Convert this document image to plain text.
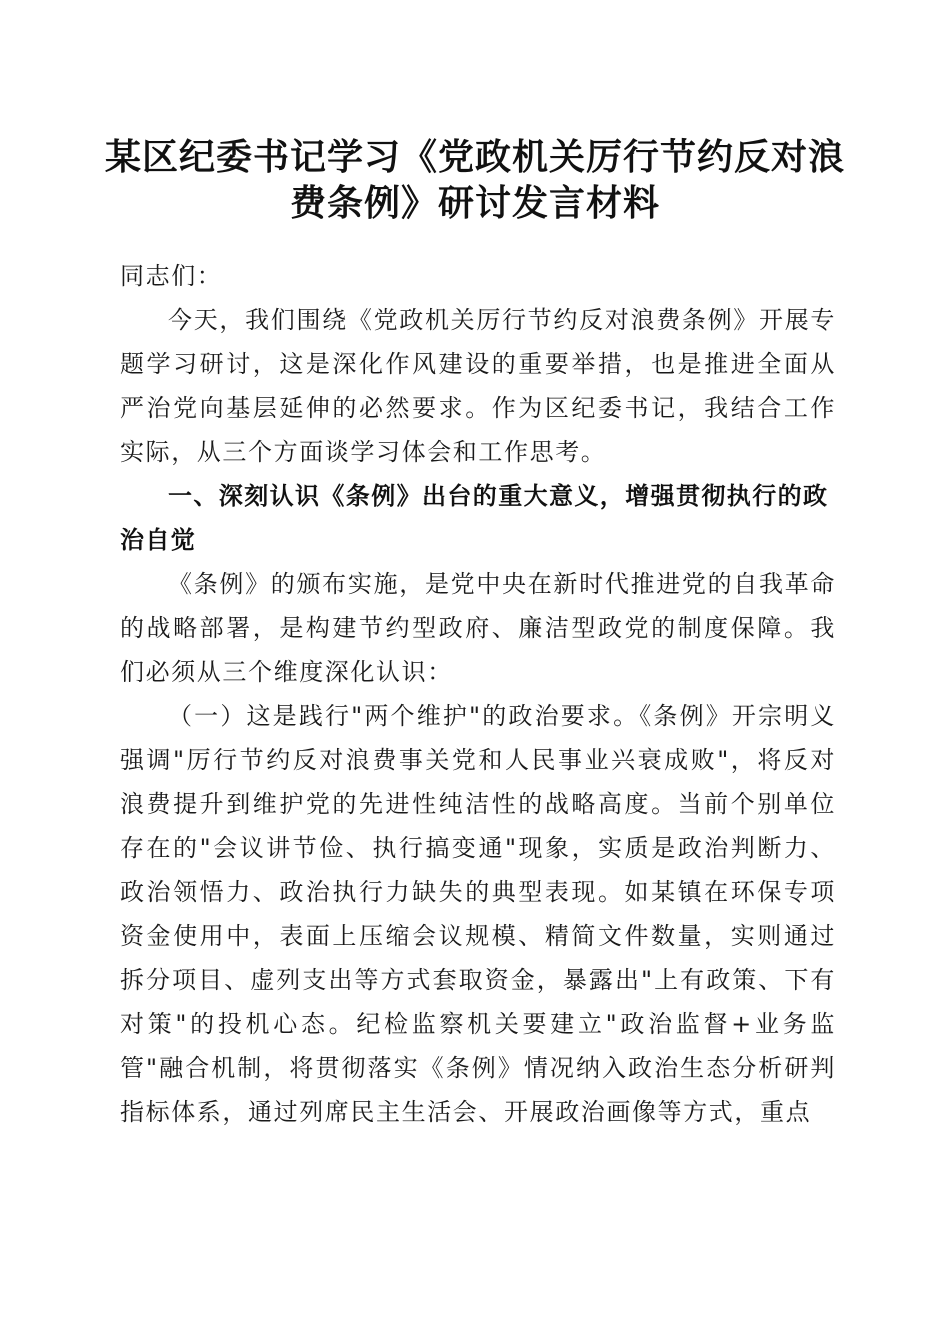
某区纪委书记学习《党政机关厉行节约反对浪
费条例》研讨发言材料

同志们：

今天，我们围绕《党政机关厉行节约反对浪费条例》开展专题学习研讨，这是深化作风建设的重要举措，也是推进全面从严治党向基层延伸的必然要求。作为区纪委书记，我结合工作实际，从三个方面谈学习体会和工作思考。

一、深刻认识《条例》出台的重大意义，增强贯彻执行的政治自觉

《条例》的颁布实施，是党中央在新时代推进党的自我革命的战略部署，是构建节约型政府、廉洁型政党的制度保障。我们必须从三个维度深化认识：

（一）这是践行"两个维护"的政治要求。《条例》开宗明义强调"厉行节约反对浪费事关党和人民事业兴衰成败"，将反对浪费提升到维护党的先进性纯洁性的战略高度。当前个别单位存在的"会议讲节俭、执行搞变通"现象，实质是政治判断力、政治领悟力、政治执行力缺失的典型表现。如某镇在环保专项资金使用中，表面上压缩会议规模、精简文件数量，实则通过拆分项目、虚列支出等方式套取资金，暴露出"上有政策、下有对策"的投机心态。纪检监察机关要建立"政治监督+业务监管"融合机制，将贯彻落实《条例》情况纳入政治生态分析研判指标体系，通过列席民主生活会、开展政治画像等方式，重点
